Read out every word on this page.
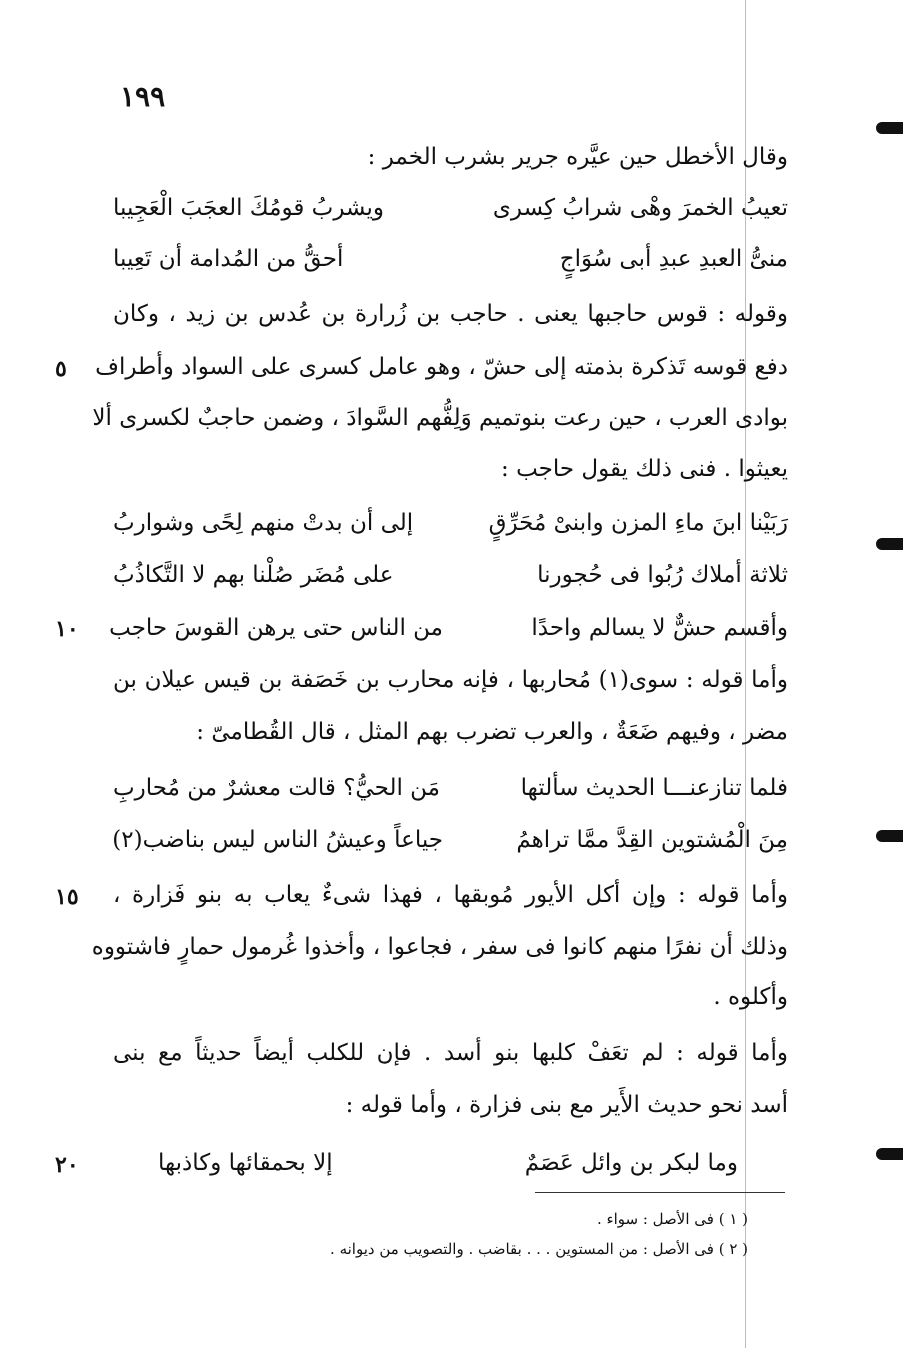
١٩٩
وقال الأخطل حين عيَّره جرير بشرب الخمر :
تعيبُ الخمرَ وهْى شرابُ كِسرى
ويشربُ قومُكَ العجَبَ الْعَجِيبا
منىُّ العبدِ عبدِ أبى سُوَاجٍ
أحقُّ من المُدامة أن تَعِيبا
وقوله : قوس حاجبها يعنى . حاجب بن زُرارة بن عُدس بن زيد ، وكان
دفع قوسه تَذكرة بذمته إلى حشّ ، وهو عامل كسرى على السواد وأطراف
بوادى العرب ، حين رعت بنوتميم وَلِفُّهم السَّوادَ ، وضمن حاجبٌ لكسرى ألا
يعيثوا . فنى ذلك يقول حاجب :
رَبَيْنا ابنَ ماءِ المزن وابنىْ مُحَرِّقٍ
إلى أن بدتْ منهم لِحًى وشواربُ
ثلاثة أملاك رُبُوا فى حُجورنا
على مُضَر صُلْنا بهم لا التَّكاذُبُ
وأقسم حشٌّ لا يسالم واحدًا
من الناس حتى يرهن القوسَ حاجب
وأما قوله : سوى(١) مُحاربها ، فإنه محارب بن خَصَفة بن قيس عيلان بن
مضر ، وفيهم ضَعَةٌ ، والعرب تضرب بهم المثل ، قال القُطامىّ :
فلما تنازعنـــا الحديث سألتها
مَن الحيُّ؟ قالت معشرٌ من مُحاربِ
مِنَ الْمُشتوين القِدَّ ممَّا تراهمُ
جياعاً وعيشُ الناس ليس بناضب(٢)
وأما قوله : وإن أكل الأيور مُوبقها ، فهذا شىءٌ يعاب به بنو فَزارة ،
وذلك أن نفرًا منهم كانوا فى سفر ، فجاعوا ، وأخذوا غُرمول حمارٍ فاشتووه
وأكلوه .
وأما قوله : لم تعَفْ كلبها بنو أسد . فإن للكلب أيضاً حديثاً مع بنى
أسد نحو حديث الأَير مع بنى فزارة ، وأما قوله :
وما لبكر بن وائل عَصَمٌ
إلا بحمقائها وكاذبها
٥
١٠
١٥
٢٠
( ١ ) فى الأصل : سواء .
( ٢ ) فى الأصل : من المستوين . . . بقاضب . والتصويب من ديوانه .
